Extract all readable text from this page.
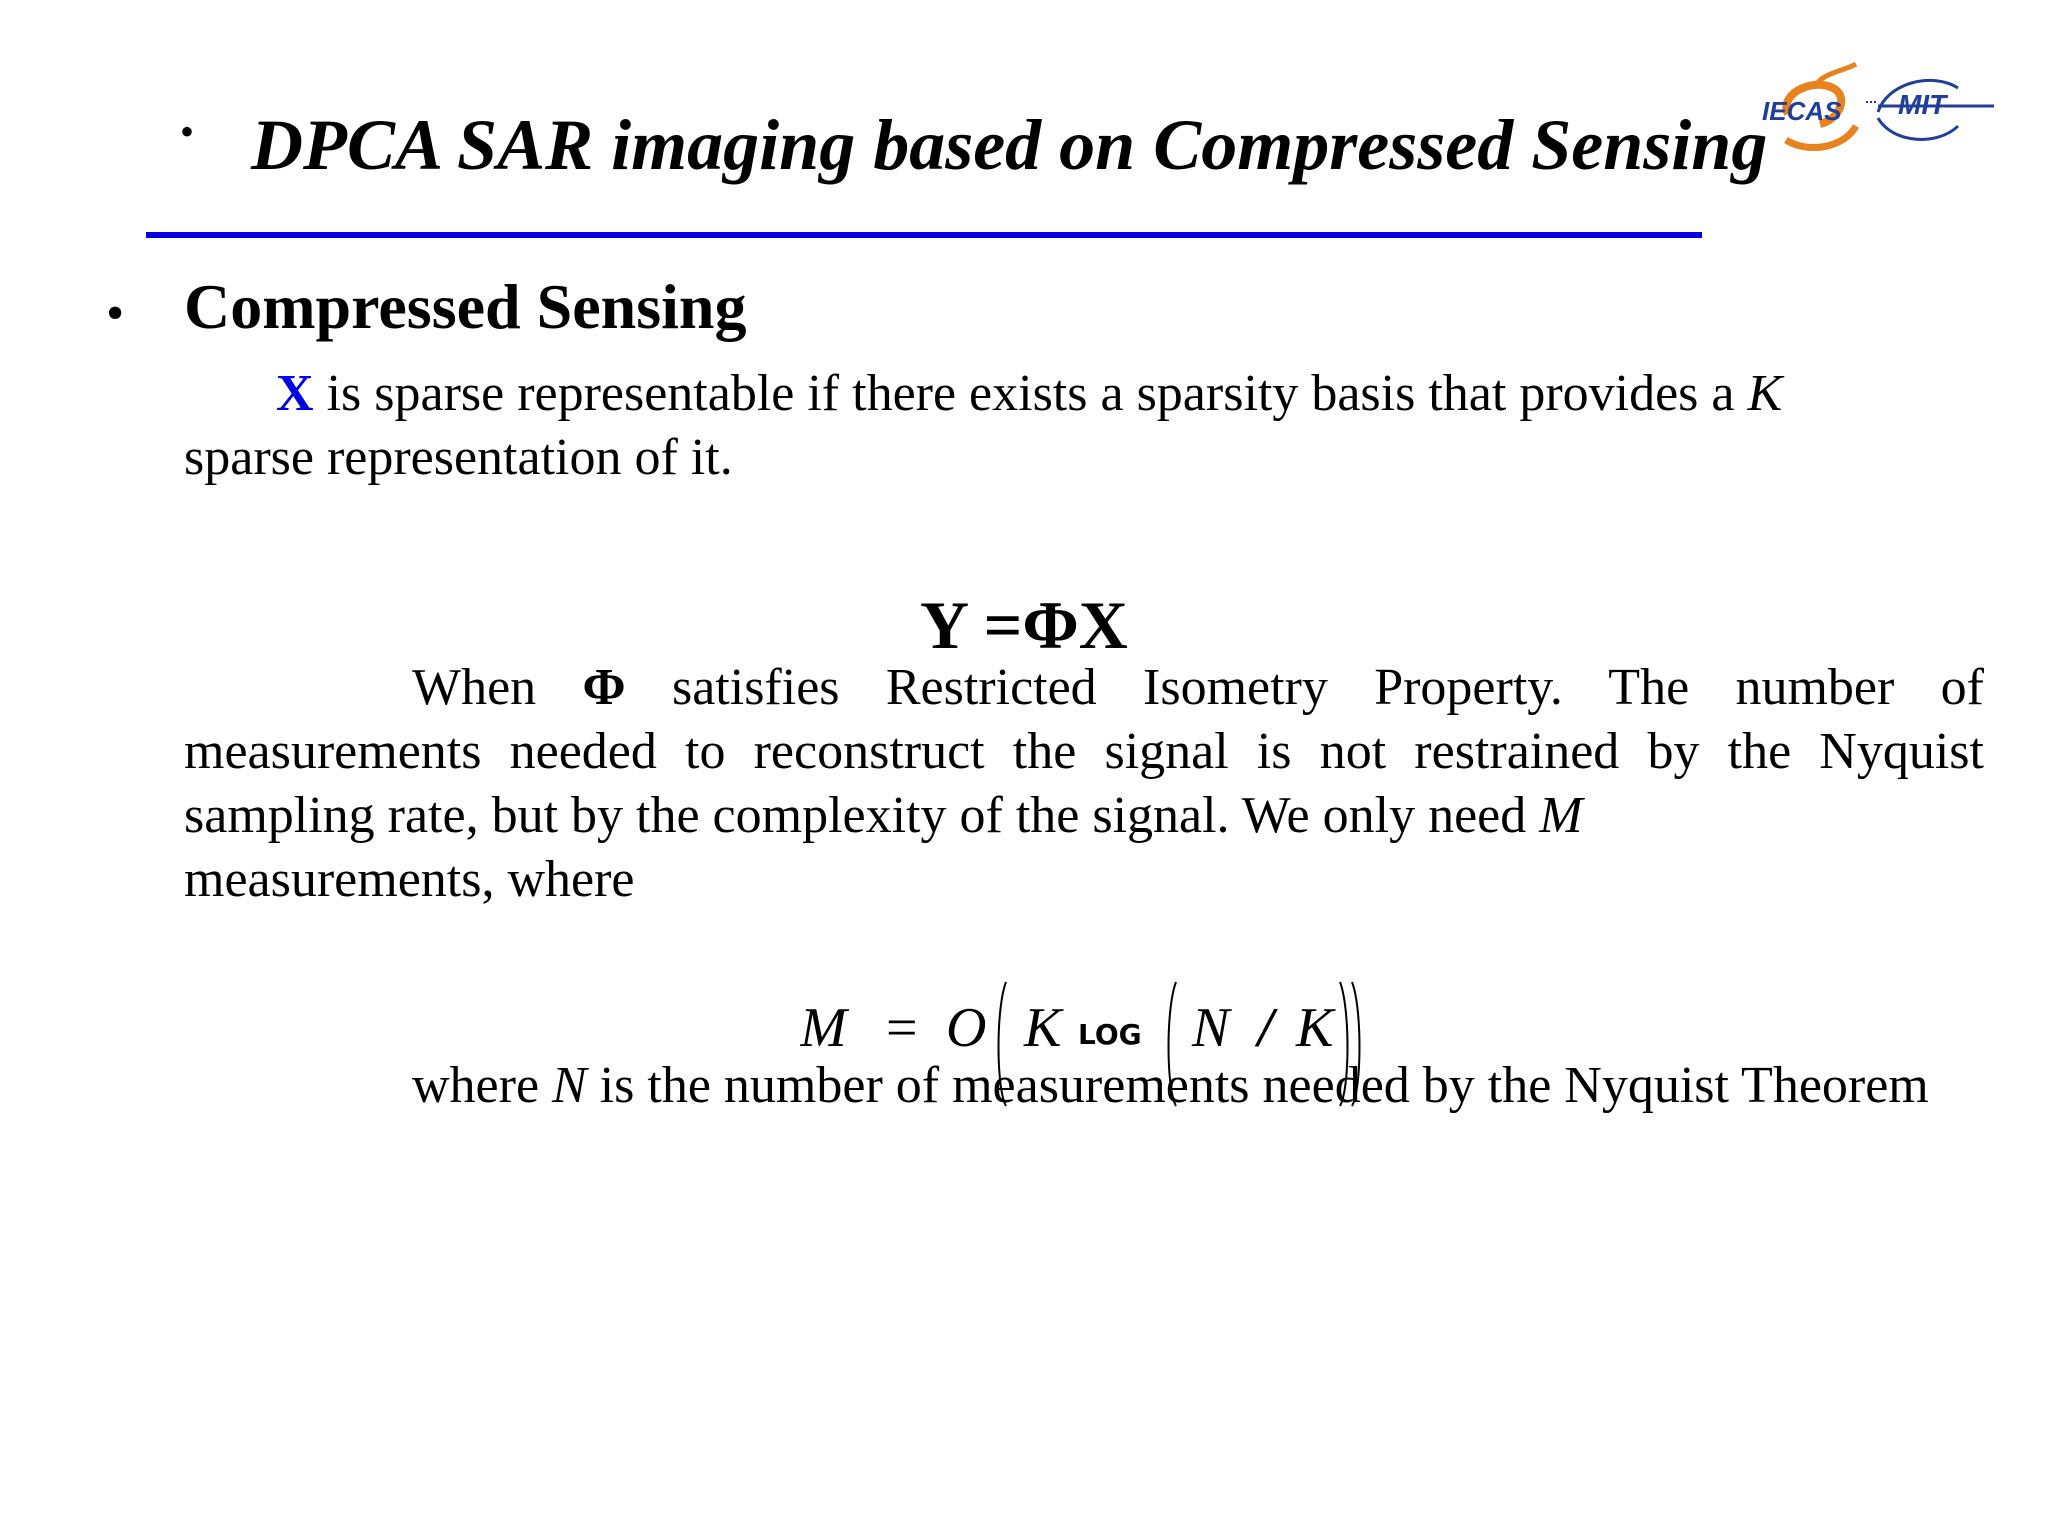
• DPCA SAR imaging based on Compressed Sensing
IECAS MIT
• Compressed Sensing
X is sparse representable if there exists a sparsity basis that provides a K
sparse representation of it.
Y =ΦX
When Φ satisfies Restricted Isometry Property. The number of measurements needed to reconstruct the signal is not restrained by the Nyquist sampling rate, but by the complexity of the signal. We only need M
measurements, where
M = O K LOG N / K
where N is the number of measurements needed by the Nyquist Theorem
